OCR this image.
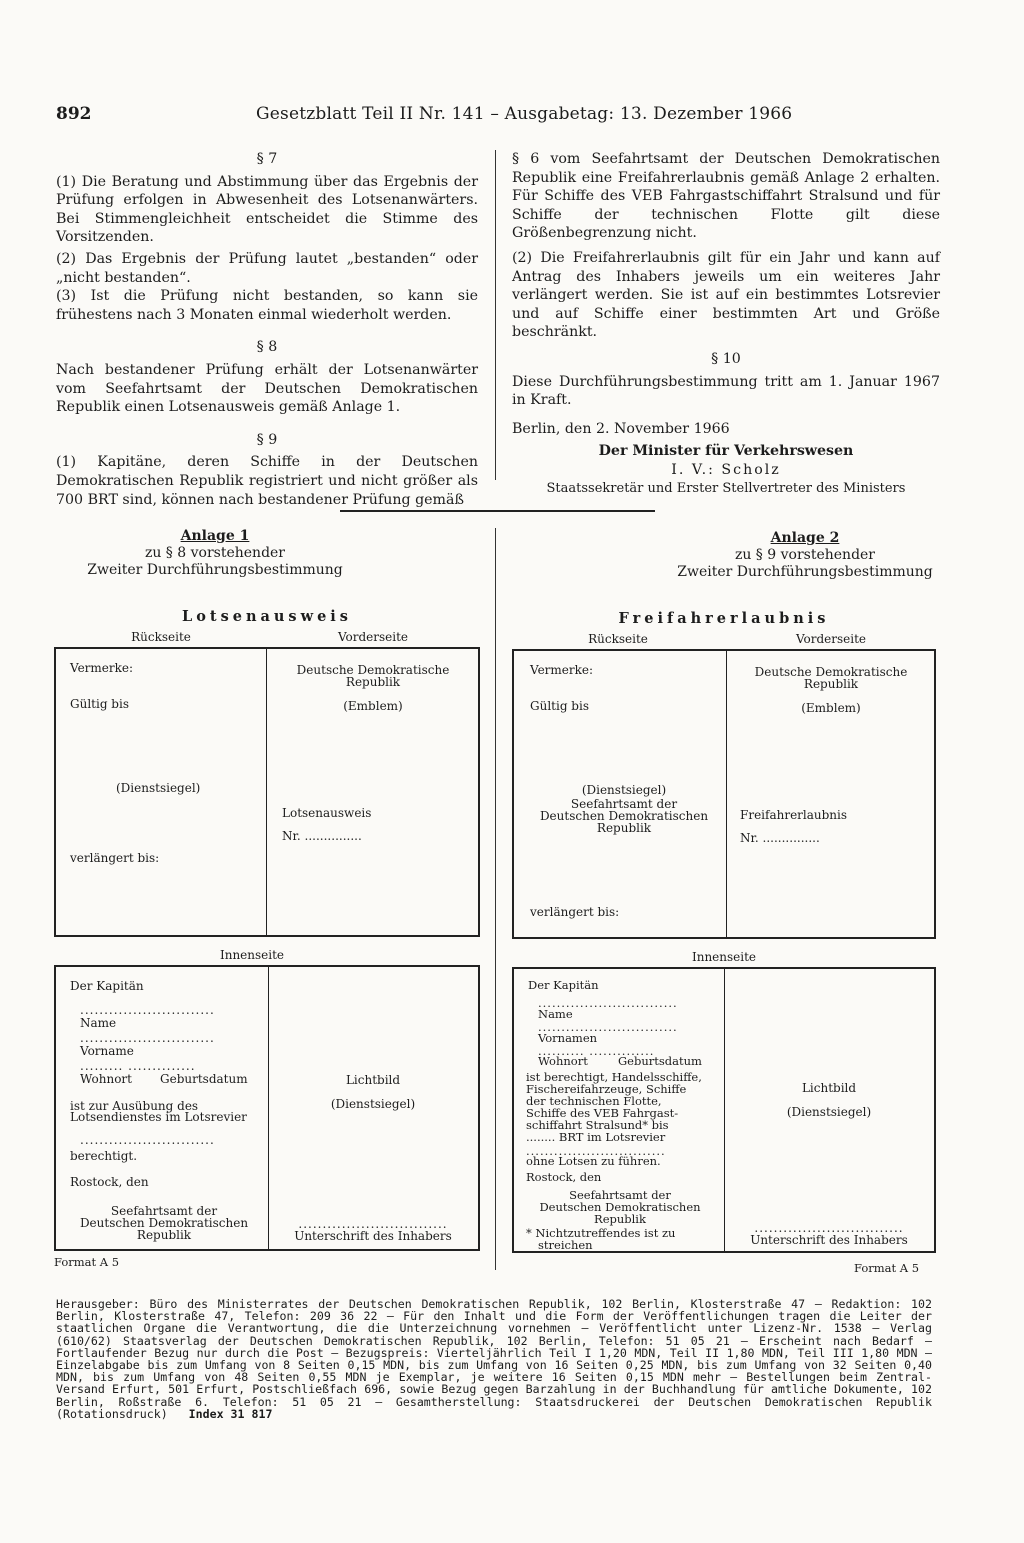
892	Gesetzblatt Teil II Nr. 141 – Ausgabetag: 13. Dezember 1966
§ 7

(1) Die Beratung und Abstimmung über das Ergebnis der Prüfung erfolgen in Abwesenheit des Lotsenanwärters. Bei Stimmengleichheit entscheidet die Stimme des Vorsitzenden.

(2) Das Ergebnis der Prüfung lautet „bestanden“ oder „nicht bestanden“.

(3) Ist die Prüfung nicht bestanden, so kann sie frühestens nach 3 Monaten einmal wiederholt werden.

§ 8

Nach bestandener Prüfung erhält der Lotsenanwärter vom Seefahrtsamt der Deutschen Demokratischen Republik einen Lotsenausweis gemäß Anlage 1.

§ 9

(1) Kapitäne, deren Schiffe in der Deutschen Demokratischen Republik registriert und nicht größer als 700 BRT sind, können nach bestandener Prüfung gemäß

§ 6 vom Seefahrtsamt der Deutschen Demokratischen Republik eine Freifahrerlaubnis gemäß Anlage 2 erhalten. Für Schiffe des VEB Fahrgastschiffahrt Stralsund und für Schiffe der technischen Flotte gilt diese Größenbegrenzung nicht.

(2) Die Freifahrerlaubnis gilt für ein Jahr und kann auf Antrag des Inhabers jeweils um ein weiteres Jahr verlängert werden. Sie ist auf ein bestimmtes Lotsrevier und auf Schiffe einer bestimmten Art und Größe beschränkt.

§ 10

Diese Durchführungsbestimmung tritt am 1. Januar 1967 in Kraft.

Berlin, den 2. November 1966

Der Minister für Verkehrswesen
I. V.: Scholz
Staatssekretär und Erster Stellvertreter des Ministers
Anlage 1
zu § 8 vorstehender
Zweiter Durchführungsbestimmung
Lotsenausweis
Rückseite	Vorderseite
Vermerke:
Gültig bis
(Dienstsiegel)
verlängert bis:
Deutsche Demokratische
Republik
(Emblem)
Lotsenausweis
Nr. ...............
Innenseite
Der Kapitän
............................
Name
............................
Vorname
......... ..............
Wohnort Geburtsdatum
ist zur Ausübung des
Lotsendienstes im Lotsrevier
............................
berechtigt.
Rostock, den
Seefahrtsamt der
Deutschen Demokratischen
Republik
Lichtbild
(Dienstsiegel)
...............................
Unterschrift des Inhabers
Format A 5
Anlage 2
zu § 9 vorstehender
Zweiter Durchführungsbestimmung
Freifahrerlaubnis
Rückseite	Vorderseite
Vermerke:
Gültig bis
(Dienstsiegel)
Seefahrtsamt der
Deutschen Demokratischen
Republik
verlängert bis:
Deutsche Demokratische
Republik
(Emblem)
Freifahrerlaubnis
Nr. ...............
Innenseite
Der Kapitän
..............................
Name
..............................
Vornamen
.......... ..............
Wohnort	Geburtsdatum
ist berechtigt, Handelsschiffe,
Fischereifahrzeuge, Schiffe
der technischen Flotte,
Schiffe des VEB Fahrgast-
schiffahrt Stralsund* bis
........ BRT im Lotsrevier
..............................
ohne Lotsen zu führen.
Rostock, den
Seefahrtsamt der
Deutschen Demokratischen
Republik
* Nichtzutreffendes ist zu
streichen
Lichtbild
(Dienstsiegel)
...............................
Unterschrift des Inhabers
Format A 5
Herausgeber: Büro des Ministerrates der Deutschen Demokratischen Republik, 102 Berlin, Klosterstraße 47 – Redaktion: 102 Berlin, Klosterstraße 47, Telefon: 209 36 22 – Für den Inhalt und die Form der Veröffentlichungen tragen die Leiter der staatlichen Organe die Verantwortung, die die Unterzeichnung vornehmen – Veröffentlicht unter Lizenz-Nr. 1538 – Verlag (610/62) Staatsverlag der Deutschen Demokratischen Republik, 102 Berlin, Telefon: 51 05 21 – Erscheint nach Bedarf – Fortlaufender Bezug nur durch die Post – Bezugspreis: Vierteljährlich Teil I 1,20 MDN, Teil II 1,80 MDN, Teil III 1,80 MDN – Einzelabgabe bis zum Umfang von 8 Seiten 0,15 MDN, bis zum Umfang von 16 Seiten 0,25 MDN, bis zum Umfang von 32 Seiten 0,40 MDN, bis zum Umfang von 48 Seiten 0,55 MDN je Exemplar, je weitere 16 Seiten 0,15 MDN mehr – Bestellungen beim Zentral-Versand Erfurt, 501 Erfurt, Postschließfach 696, sowie Bezug gegen Barzahlung in der Buchhandlung für amtliche Dokumente, 102 Berlin, Roßstraße 6. Telefon: 51 05 21 – Gesamtherstellung: Staatsdruckerei der Deutschen Demokratischen Republik (Rotationsdruck) Index 31 817
